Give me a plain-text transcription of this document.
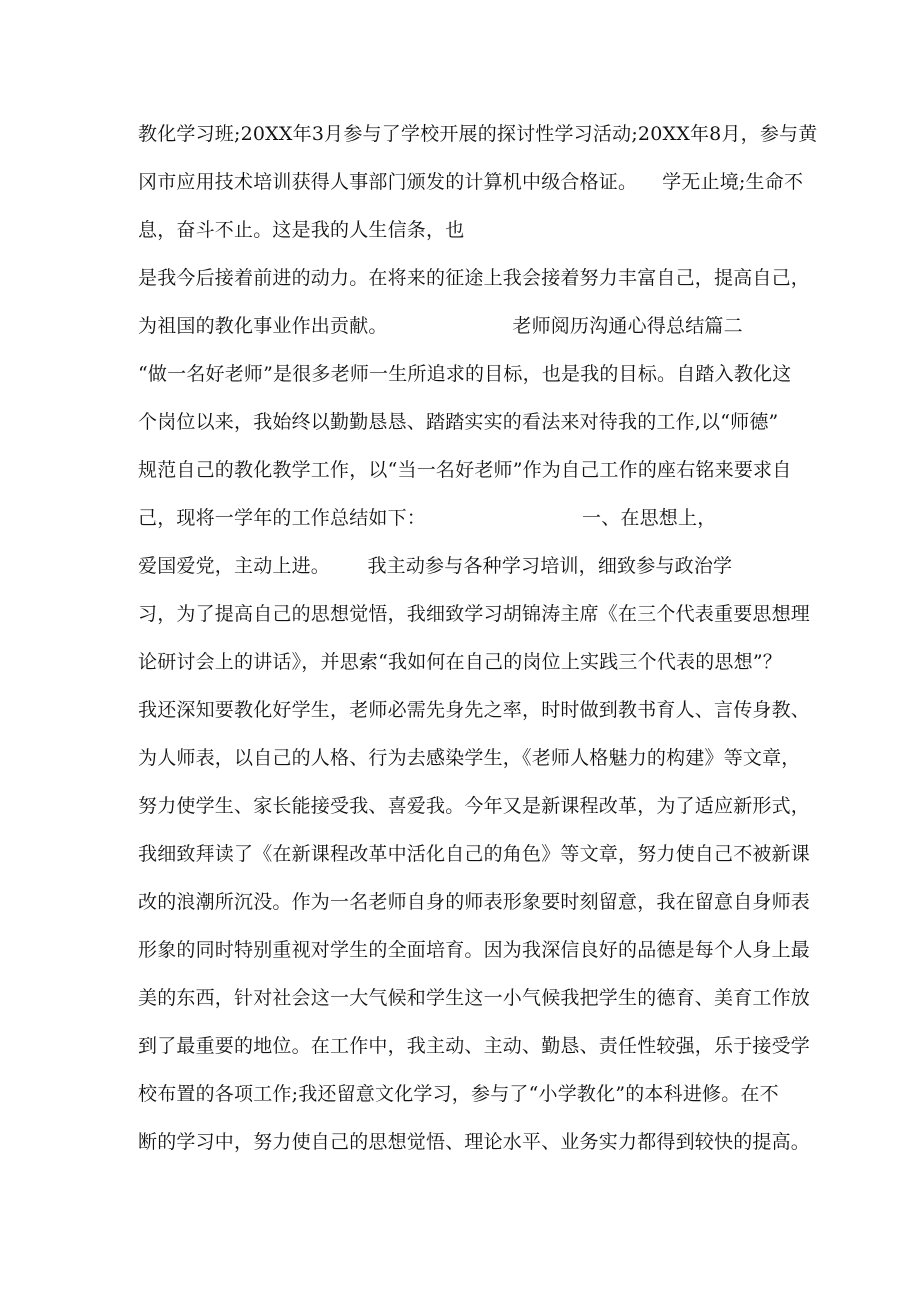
教化学习班;20XX年3月参与了学校开展的探讨性学习活动;20XX年8月，参与黄
冈市应用技术培训获得人事部门颁发的计算机中级合格证。    学无止境;生命不
息，奋斗不止。这是我的人生信条，也
是我今后接着前进的动力。在将来的征途上我会接着努力丰富自己，提高自己，
为祖国的教化事业作出贡献。                    老师阅历沟通心得总结篇二
“做一名好老师”是很多老师一生所追求的目标，也是我的目标。自踏入教化这
个岗位以来，我始终以勤勤恳恳、踏踏实实的看法来对待我的工作,以“师德”
规范自己的教化教学工作，以“当一名好老师”作为自己工作的座右铭来要求自
己，现将一学年的工作总结如下：                         一、在思想上，
爱国爱党，主动上进。      我主动参与各种学习培训，细致参与政治学
习，为了提高自己的思想觉悟，我细致学习胡锦涛主席《在三个代表重要思想理
论研讨会上的讲话》，并思索“我如何在自己的岗位上实践三个代表的思想”？
我还深知要教化好学生，老师必需先身先之率，时时做到教书育人、言传身教、
为人师表，以自己的人格、行为去感染学生，《老师人格魅力的构建》等文章，
努力使学生、家长能接受我、喜爱我。今年又是新课程改革，为了适应新形式，
我细致拜读了《在新课程改革中活化自己的角色》等文章，努力使自己不被新课
改的浪潮所沉没。作为一名老师自身的师表形象要时刻留意，我在留意自身师表
形象的同时特别重视对学生的全面培育。因为我深信良好的品德是每个人身上最
美的东西，针对社会这一大气候和学生这一小气候我把学生的德育、美育工作放
到了最重要的地位。在工作中，我主动、主动、勤恳、责任性较强，乐于接受学
校布置的各项工作;我还留意文化学习，参与了“小学教化”的本科进修。在不
断的学习中，努力使自己的思想觉悟、理论水平、业务实力都得到较快的提高。
